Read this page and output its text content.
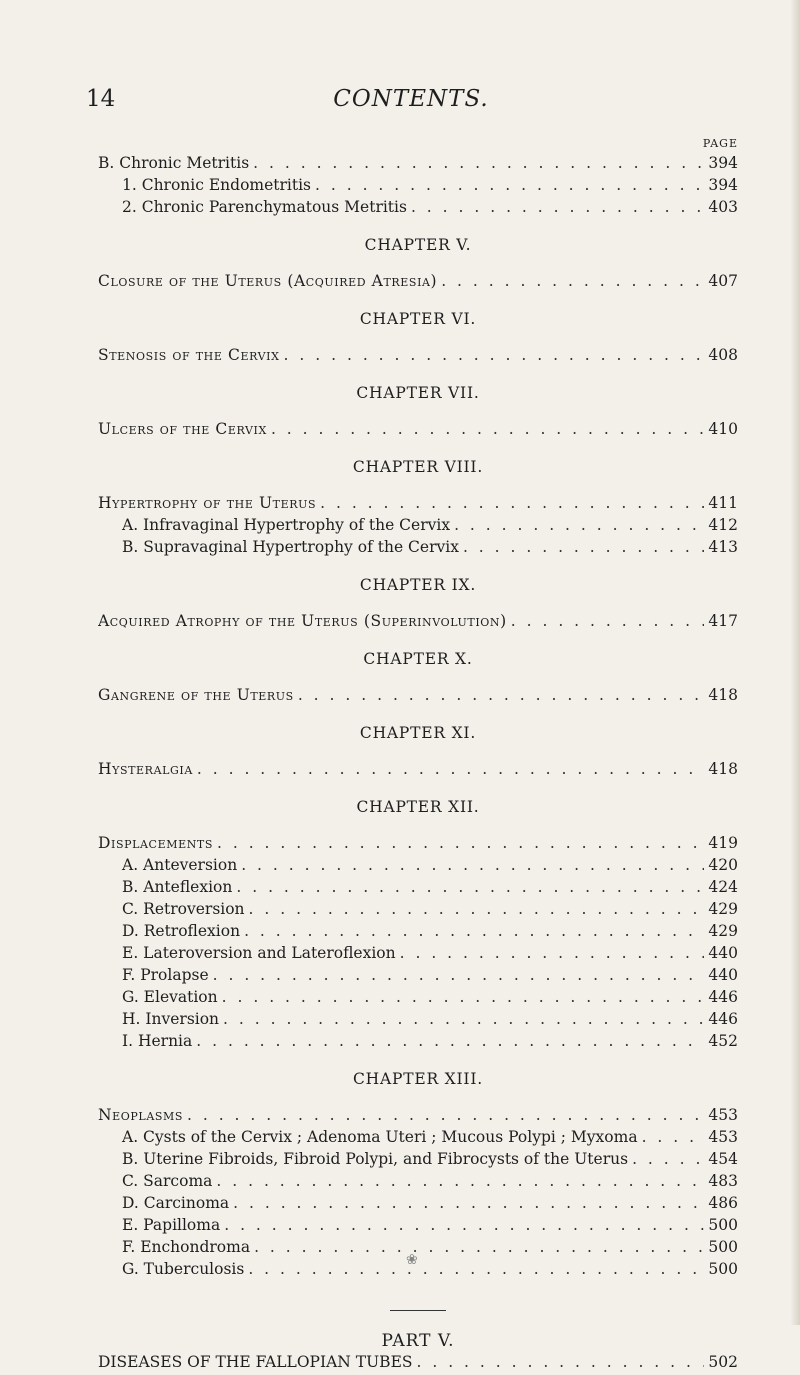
14	CONTENTS.
PAGE
B. Chronic Metritis . . .	394
1. Chronic Endometritis . . .	394
2. Chronic Parenchymatous Metritis . . .	403
CHAPTER V.
Closure of the Uterus (Acquired Atresia) . . .	407
CHAPTER VI.
Stenosis of the Cervix . . .	408
CHAPTER VII.
Ulcers of the Cervix . . .	410
CHAPTER VIII.
Hypertrophy of the Uterus . . .	411
A. Infravaginal Hypertrophy of the Cervix . . .	412
B. Supravaginal Hypertrophy of the Cervix . . .	413
CHAPTER IX.
Acquired Atrophy of the Uterus (Superinvolution) . . .	417
CHAPTER X.
Gangrene of the Uterus . . .	418
CHAPTER XI.
Hysteralgia . . .	418
CHAPTER XII.
Displacements . . .	419
A. Anteversion . . .	420
B. Anteflexion . . .	424
C. Retroversion . . .	429
D. Retroflexion . . .	429
E. Lateroversion and Lateroflexion . . .	440
F. Prolapse . . .	440
G. Elevation . . .	446
H. Inversion . . .	446
I. Hernia . . .	452
CHAPTER XIII.
Neoplasms . . .	453
A. Cysts of the Cervix ; Adenoma Uteri ; Mucous Polypi ; Myxoma . . .	453
B. Uterine Fibroids, Fibroid Polypi, and Fibrocysts of the Uterus . . .	454
C. Sarcoma . . .	483
D. Carcinoma . . .	486
E. Papilloma . . .	500
F. Enchondroma . . .	500
G. Tuberculosis . . .	500
PART V.
DISEASES OF THE FALLOPIAN TUBES . . .	502
❀
